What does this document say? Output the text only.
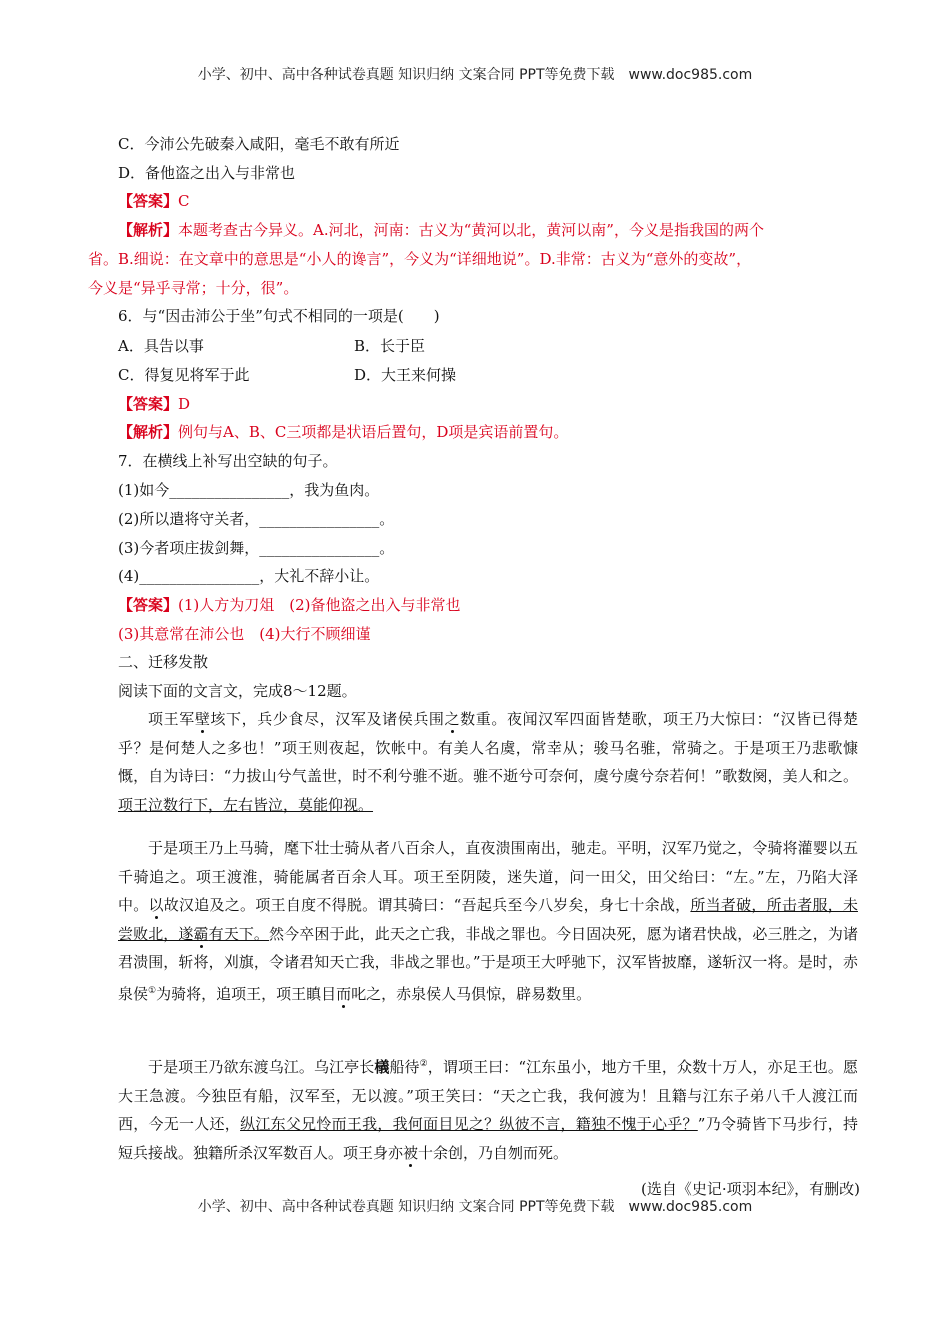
小学、初中、高中各种试卷真题 知识归纳 文案合同 PPT等免费下载　www.doc985.com
C．今沛公先破秦入咸阳，毫毛不敢有所近
D．备他盗之出入与非常也
【答案】C
【解析】本题考查古今异义。A.河北，河南：古义为“黄河以北，黄河以南”，今义是指我国的两个
省。B.细说：在文章中的意思是“小人的谗言”，今义为“详细地说”。D.非常：古义为“意外的变故”，
今义是“异乎寻常；十分，很”。
6．与“因击沛公于坐”句式不相同的一项是(　　)
A．具告以事	B．长于臣
C．得复见将军于此	D．大王来何操
【答案】D
【解析】例句与A、B、C三项都是状语后置句，D项是宾语前置句。
7．在横线上补写出空缺的句子。
(1)如今________________，我为鱼肉。
(2)所以遣将守关者，________________。
(3)今者项庄拔剑舞，________________。
(4)________________，大礼不辞小让。
【答案】(1)人方为刀俎　(2)备他盗之出入与非常也
(3)其意常在沛公也　(4)大行不顾细谨
二、迁移发散
阅读下面的文言文，完成8～12题。
项王军壁垓下，兵少食尽，汉军及诸侯兵围之数重。夜闻汉军四面皆楚歌，项王乃大惊曰：“汉皆已得楚乎？是何楚人之多也！”项王则夜起，饮帐中。有美人名虞，常幸从；骏马名骓，常骑之。于是项王乃悲歌慷慨，自为诗曰：“力拔山兮气盖世，时不利兮骓不逝。骓不逝兮可奈何，虞兮虞兮奈若何！”歌数阕，美人和之。项王泣数行下，左右皆泣，莫能仰视。
于是项王乃上马骑，麾下壮士骑从者八百余人，直夜溃围南出，驰走。平明，汉军乃觉之，令骑将灌婴以五千骑追之。项王渡淮，骑能属者百余人耳。项王至阴陵，迷失道，问一田父，田父绐曰：“左。”左，乃陷大泽中。以故汉追及之。项王自度不得脱。谓其骑曰：“吾起兵至今八岁矣，身七十余战，所当者破，所击者服，未尝败北，遂霸有天下。然今卒困于此，此天之亡我，非战之罪也。今日固决死，愿为诸君快战，必三胜之，为诸君溃围，斩将，刈旗，令诸君知天亡我，非战之罪也。”于是项王大呼驰下，汉军皆披靡，遂斩汉一将。是时，赤泉侯①为骑将，追项王，项王瞋目而叱之，赤泉侯人马俱惊，辟易数里。
于是项王乃欲东渡乌江。乌江亭长檥船待②，谓项王曰：“江东虽小，地方千里，众数十万人，亦足王也。愿大王急渡。今独臣有船，汉军至，无以渡。”项王笑曰：“天之亡我，我何渡为！且籍与江东子弟八千人渡江而西，今无一人还，纵江东父兄怜而王我，我何面目见之？纵彼不言，籍独不愧于心乎？”乃令骑皆下马步行，持短兵接战。独籍所杀汉军数百人。项王身亦被十余创，乃自刎而死。
(选自《史记·项羽本纪》，有删改)
小学、初中、高中各种试卷真题 知识归纳 文案合同 PPT等免费下载　www.doc985.com
